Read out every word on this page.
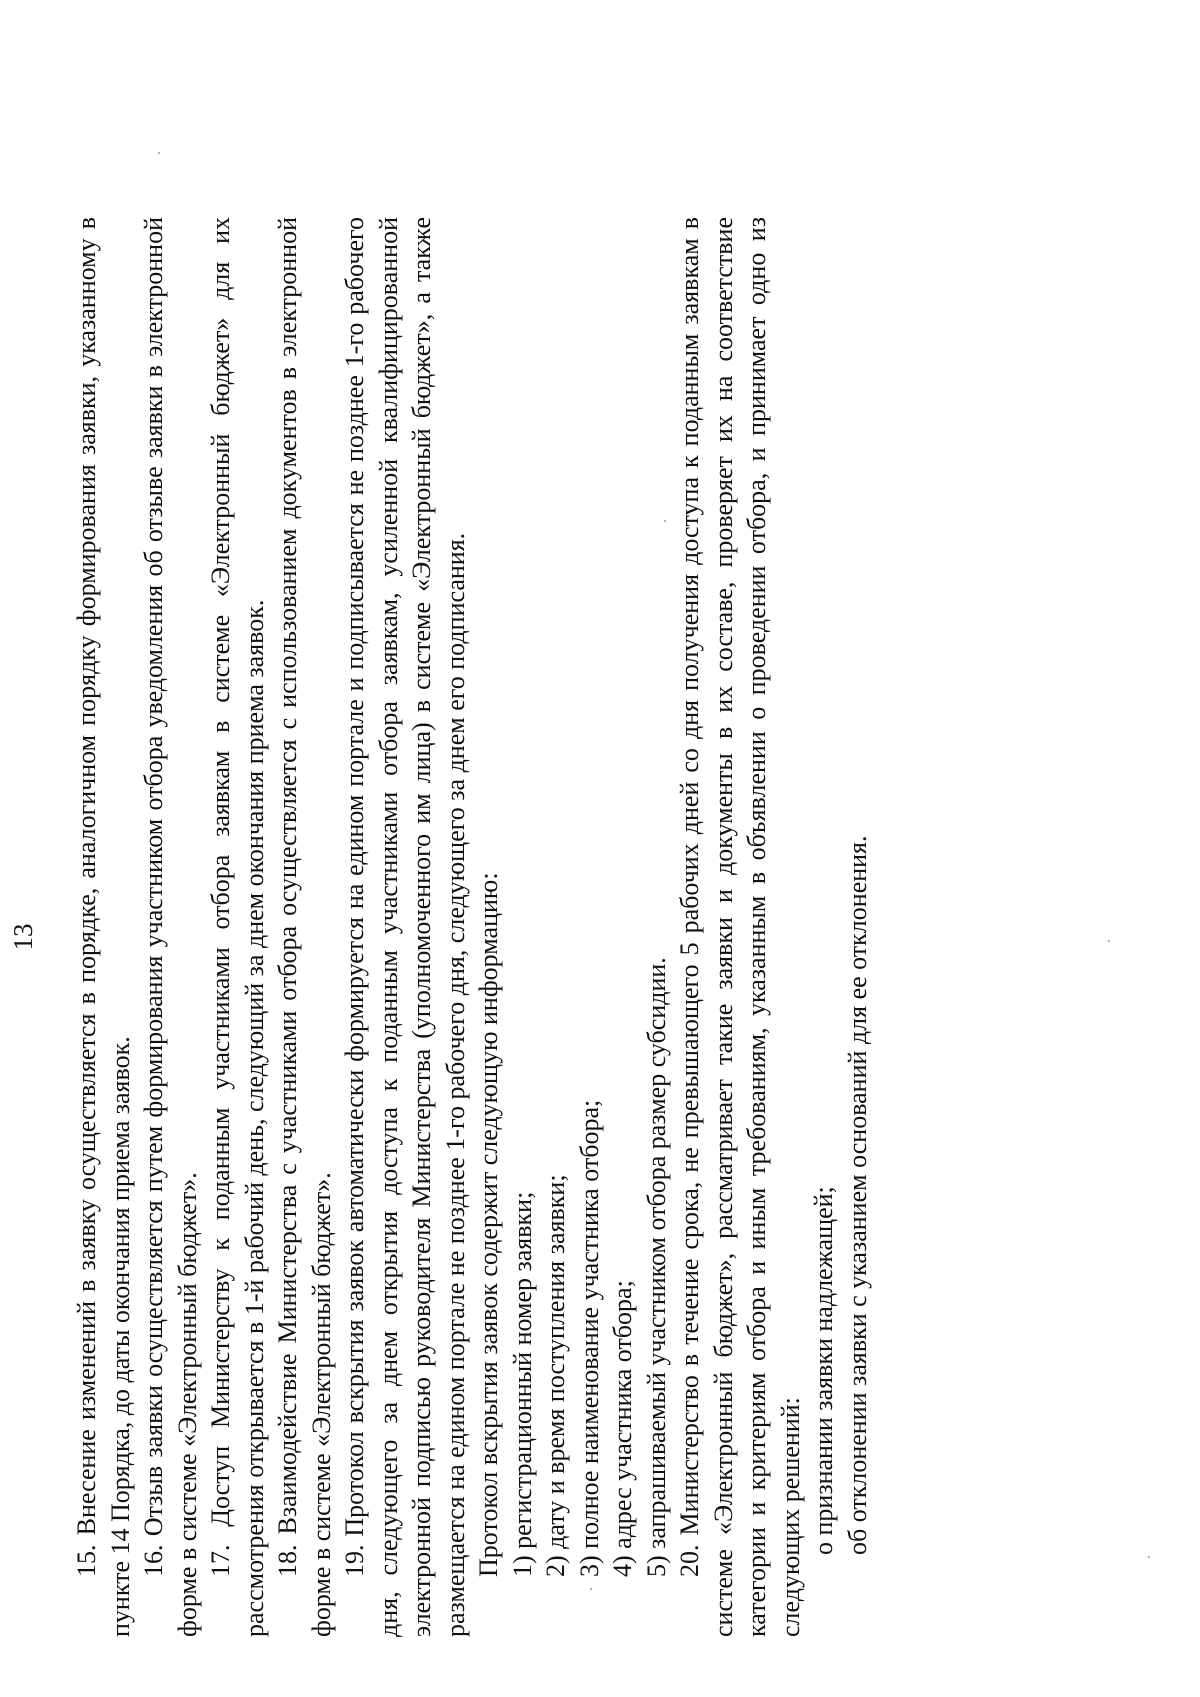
13 15. Внесение изменений в заявку осуществляется в порядке, аналогичном порядку формирования заявки, указанному в пункте 14 Порядка, до даты окончания приема заявок. 16. Отзыв заявки осуществляется путем формирования участником отбора уведомления об отзыве заявки в электронной форме в системе «Электронный бюджет». 17. Доступ Министерству к поданным участниками отбора заявкам в системе «Электронный бюджет» для их рассмотрения открывается в 1-й рабочий день, следующий за днем окончания приема заявок. 18. Взаимодействие Министерства с участниками отбора осуществляется с использованием документов в электронной форме в системе «Электронный бюджет». 19. Протокол вскрытия заявок автоматически формируется на едином портале и подписывается не позднее 1-го рабочего дня, следующего за днем открытия доступа к поданным участниками отбора заявкам, усиленной квалифицированной электронной подписью руководителя Министерства (уполномоченного им лица) в системе «Электронный бюджет», а также размещается на едином портале не позднее 1-го рабочего дня, следующего за днем его подписания. Протокол вскрытия заявок содержит следующую информацию: 1) регистрационный номер заявки; 2) дату и время поступления заявки; 3) полное наименование участника отбора; 4) адрес участника отбора; 5) запрашиваемый участником отбора размер субсидии. 20. Министерство в течение срока, не превышающего 5 рабочих дней со дня получения доступа к поданным заявкам в системе «Электронный бюджет», рассматривает такие заявки и документы в их составе, проверяет их на соответствие категории и критериям отбора и иным требованиям, указанным в объявлении о проведении отбора, и принимает одно из следующих решений: о признании заявки надлежащей; об отклонении заявки с указанием оснований для ее отклонения.
